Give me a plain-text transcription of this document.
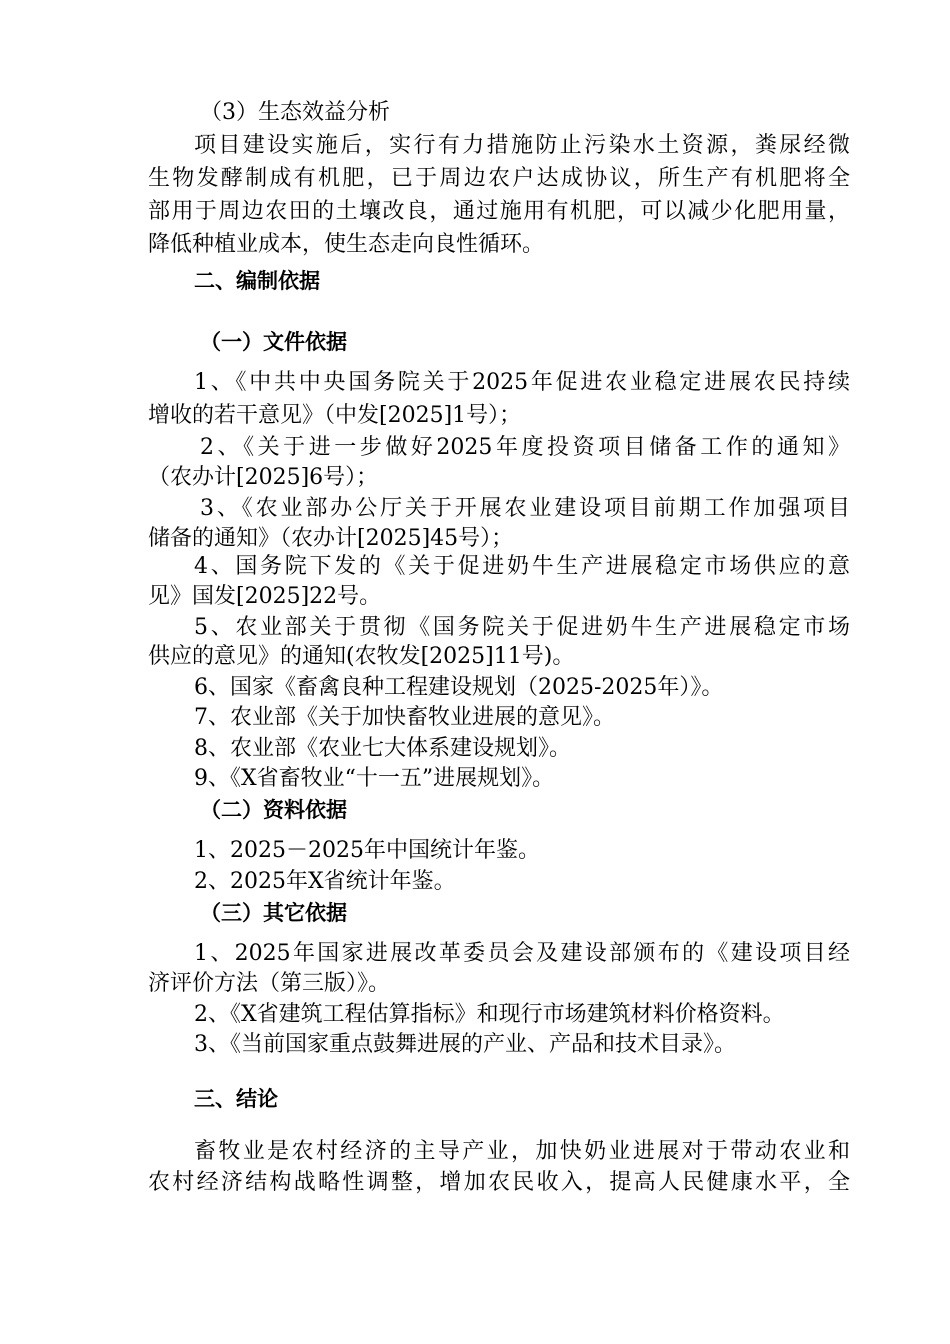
（3）生态效益分析
项目建设实施后，实行有力措施防止污染水土资源，粪尿经微
生物发酵制成有机肥，已于周边农户达成协议，所生产有机肥将全
部用于周边农田的土壤改良，通过施用有机肥，可以减少化肥用量，
降低种植业成本，使生态走向良性循环。
二、编制依据
（一）文件依据
1、《中共中央国务院关于2025年促进农业稳定进展农民持续
增收的若干意见》（中发[2025]1号）；
2、《关于进一步做好2025年度投资项目储备工作的通知》
（农办计[2025]6号）；
3、《农业部办公厅关于开展农业建设项目前期工作加强项目
储备的通知》（农办计[2025]45号）；
4、国务院下发的《关于促进奶牛生产进展稳定市场供应的意
见》国发[2025]22号。
5、农业部关于贯彻《国务院关于促进奶牛生产进展稳定市场
供应的意见》的通知(农牧发[2025]11号)。
6、国家《畜禽良种工程建设规划（2025-2025年）》。
7、农业部《关于加快畜牧业进展的意见》。
8、农业部《农业七大体系建设规划》。
9、《X省畜牧业“十一五”进展规划》。
（二）资料依据
1、2025－2025年中国统计年鉴。
2、2025年X省统计年鉴。
（三）其它依据
1、2025年国家进展改革委员会及建设部颁布的《建设项目经
济评价方法（第三版）》。
2、《X省建筑工程估算指标》和现行市场建筑材料价格资料。
3、《当前国家重点鼓舞进展的产业、产品和技术目录》。
三、结论
畜牧业是农村经济的主导产业，加快奶业进展对于带动农业和
农村经济结构战略性调整，增加农民收入，提高人民健康水平，全
